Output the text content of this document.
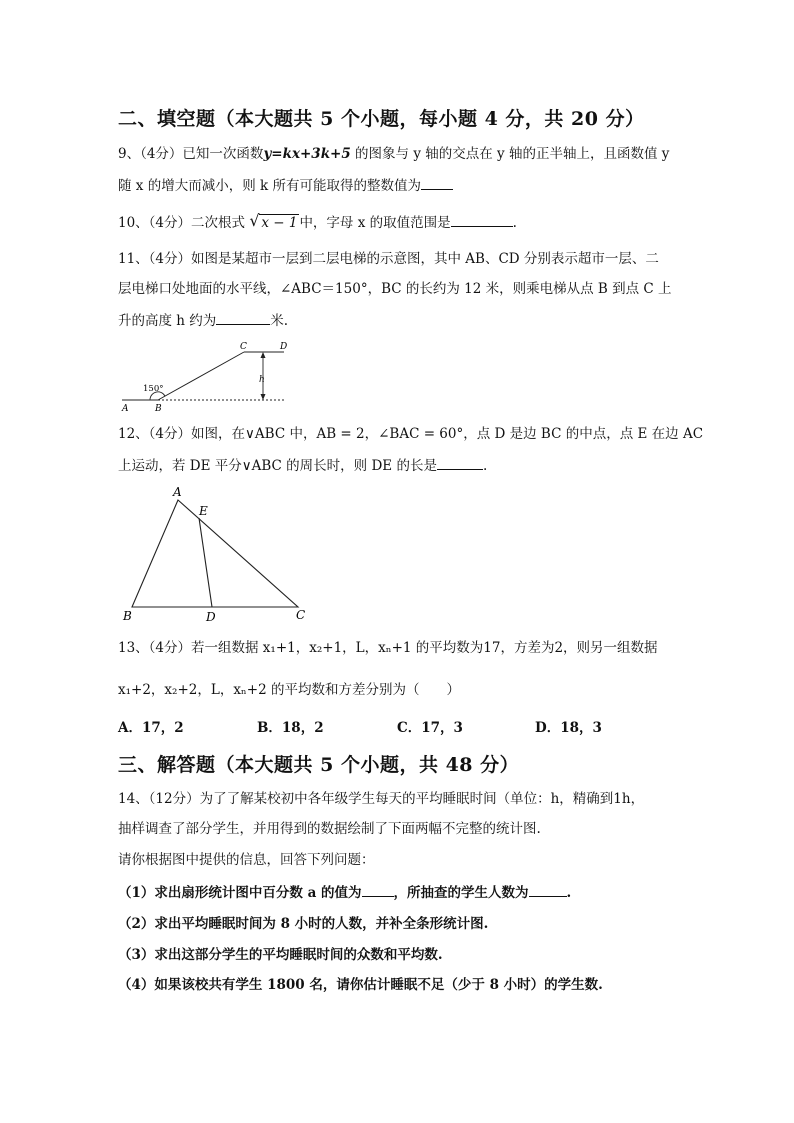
二、填空题（本大题共 5 个小题，每小题 4 分，共 20 分）
9、（4分）已知一次函数y=kx+3k+5 的图象与 y 轴的交点在 y 轴的正半轴上，且函数值 y
随 x 的增大而减小，则 k 所有可能取得的整数值为
10、（4分）二次根式 √ x − 1 中，字母 x 的取值范围是	.
11、（4分）如图是某超市一层到二层电梯的示意图，其中 AB、CD 分别表示超市一层、二
层电梯口处地面的水平线，∠ABC＝150°，BC 的长约为 12 米，则乘电梯从点 B 到点 C 上
升的高度 h 约为	米.
A	B
C	D
h
150°
12、（4分）如图，在∨ABC 中，AB = 2，∠BAC = 60°，点 D 是边 BC 的中点，点 E 在边 AC
上运动，若 DE 平分∨ABC 的周长时，则 DE 的长是	.
A
E
B	D	C
13、（4分）若一组数据 x₁+1，x₂+1，L，xₙ+1 的平均数为17，方差为2，则另一组数据
x₁+2，x₂+2，L，xₙ+2 的平均数和方差分别为（　　）
A．17，2	B．18，2	C．17，3	D．18，3
三、解答题（本大题共 5 个小题，共 48 分）
14、（12分）为了了解某校初中各年级学生每天的平均睡眠时间（单位：h，精确到1h，
抽样调查了部分学生，并用得到的数据绘制了下面两幅不完整的统计图.
请你根据图中提供的信息，回答下列问题：
（1）求出扇形统计图中百分数 a 的值为 ，所抽查的学生人数为	.
（2）求出平均睡眠时间为 8 小时的人数，并补全条形统计图.
（3）求出这部分学生的平均睡眠时间的众数和平均数.
（4）如果该校共有学生 1800 名，请你估计睡眠不足（少于 8 小时）的学生数.
